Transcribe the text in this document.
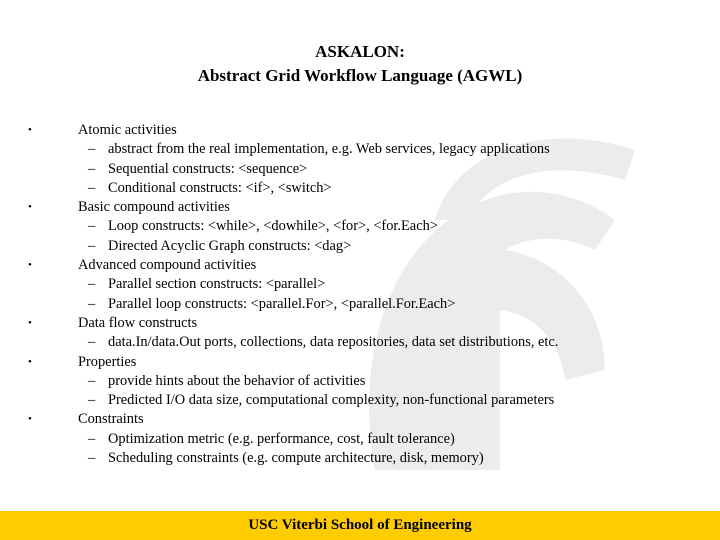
ASKALON:
Abstract Grid Workflow Language (AGWL)
•	Atomic activities
– abstract from the real implementation, e.g. Web services, legacy applications
– Sequential constructs: <sequence>
– Conditional constructs: <if>, <switch>
•	Basic compound activities
– Loop constructs: <while>, <dowhile>, <for>, <for.Each>
– Directed Acyclic Graph constructs: <dag>
•	Advanced compound activities
– Parallel section constructs: <parallel>
– Parallel loop constructs: <parallel.For>, <parallel.For.Each>
•	Data flow constructs
– data.In/data.Out ports, collections, data repositories, data set distributions, etc.
•	Properties
– provide hints about the behavior of activities
– Predicted I/O data size, computational complexity, non-functional parameters
•	Constraints
– Optimization metric (e.g. performance, cost, fault tolerance)
– Scheduling constraints (e.g. compute architecture, disk, memory)
USC Viterbi School of Engineering
